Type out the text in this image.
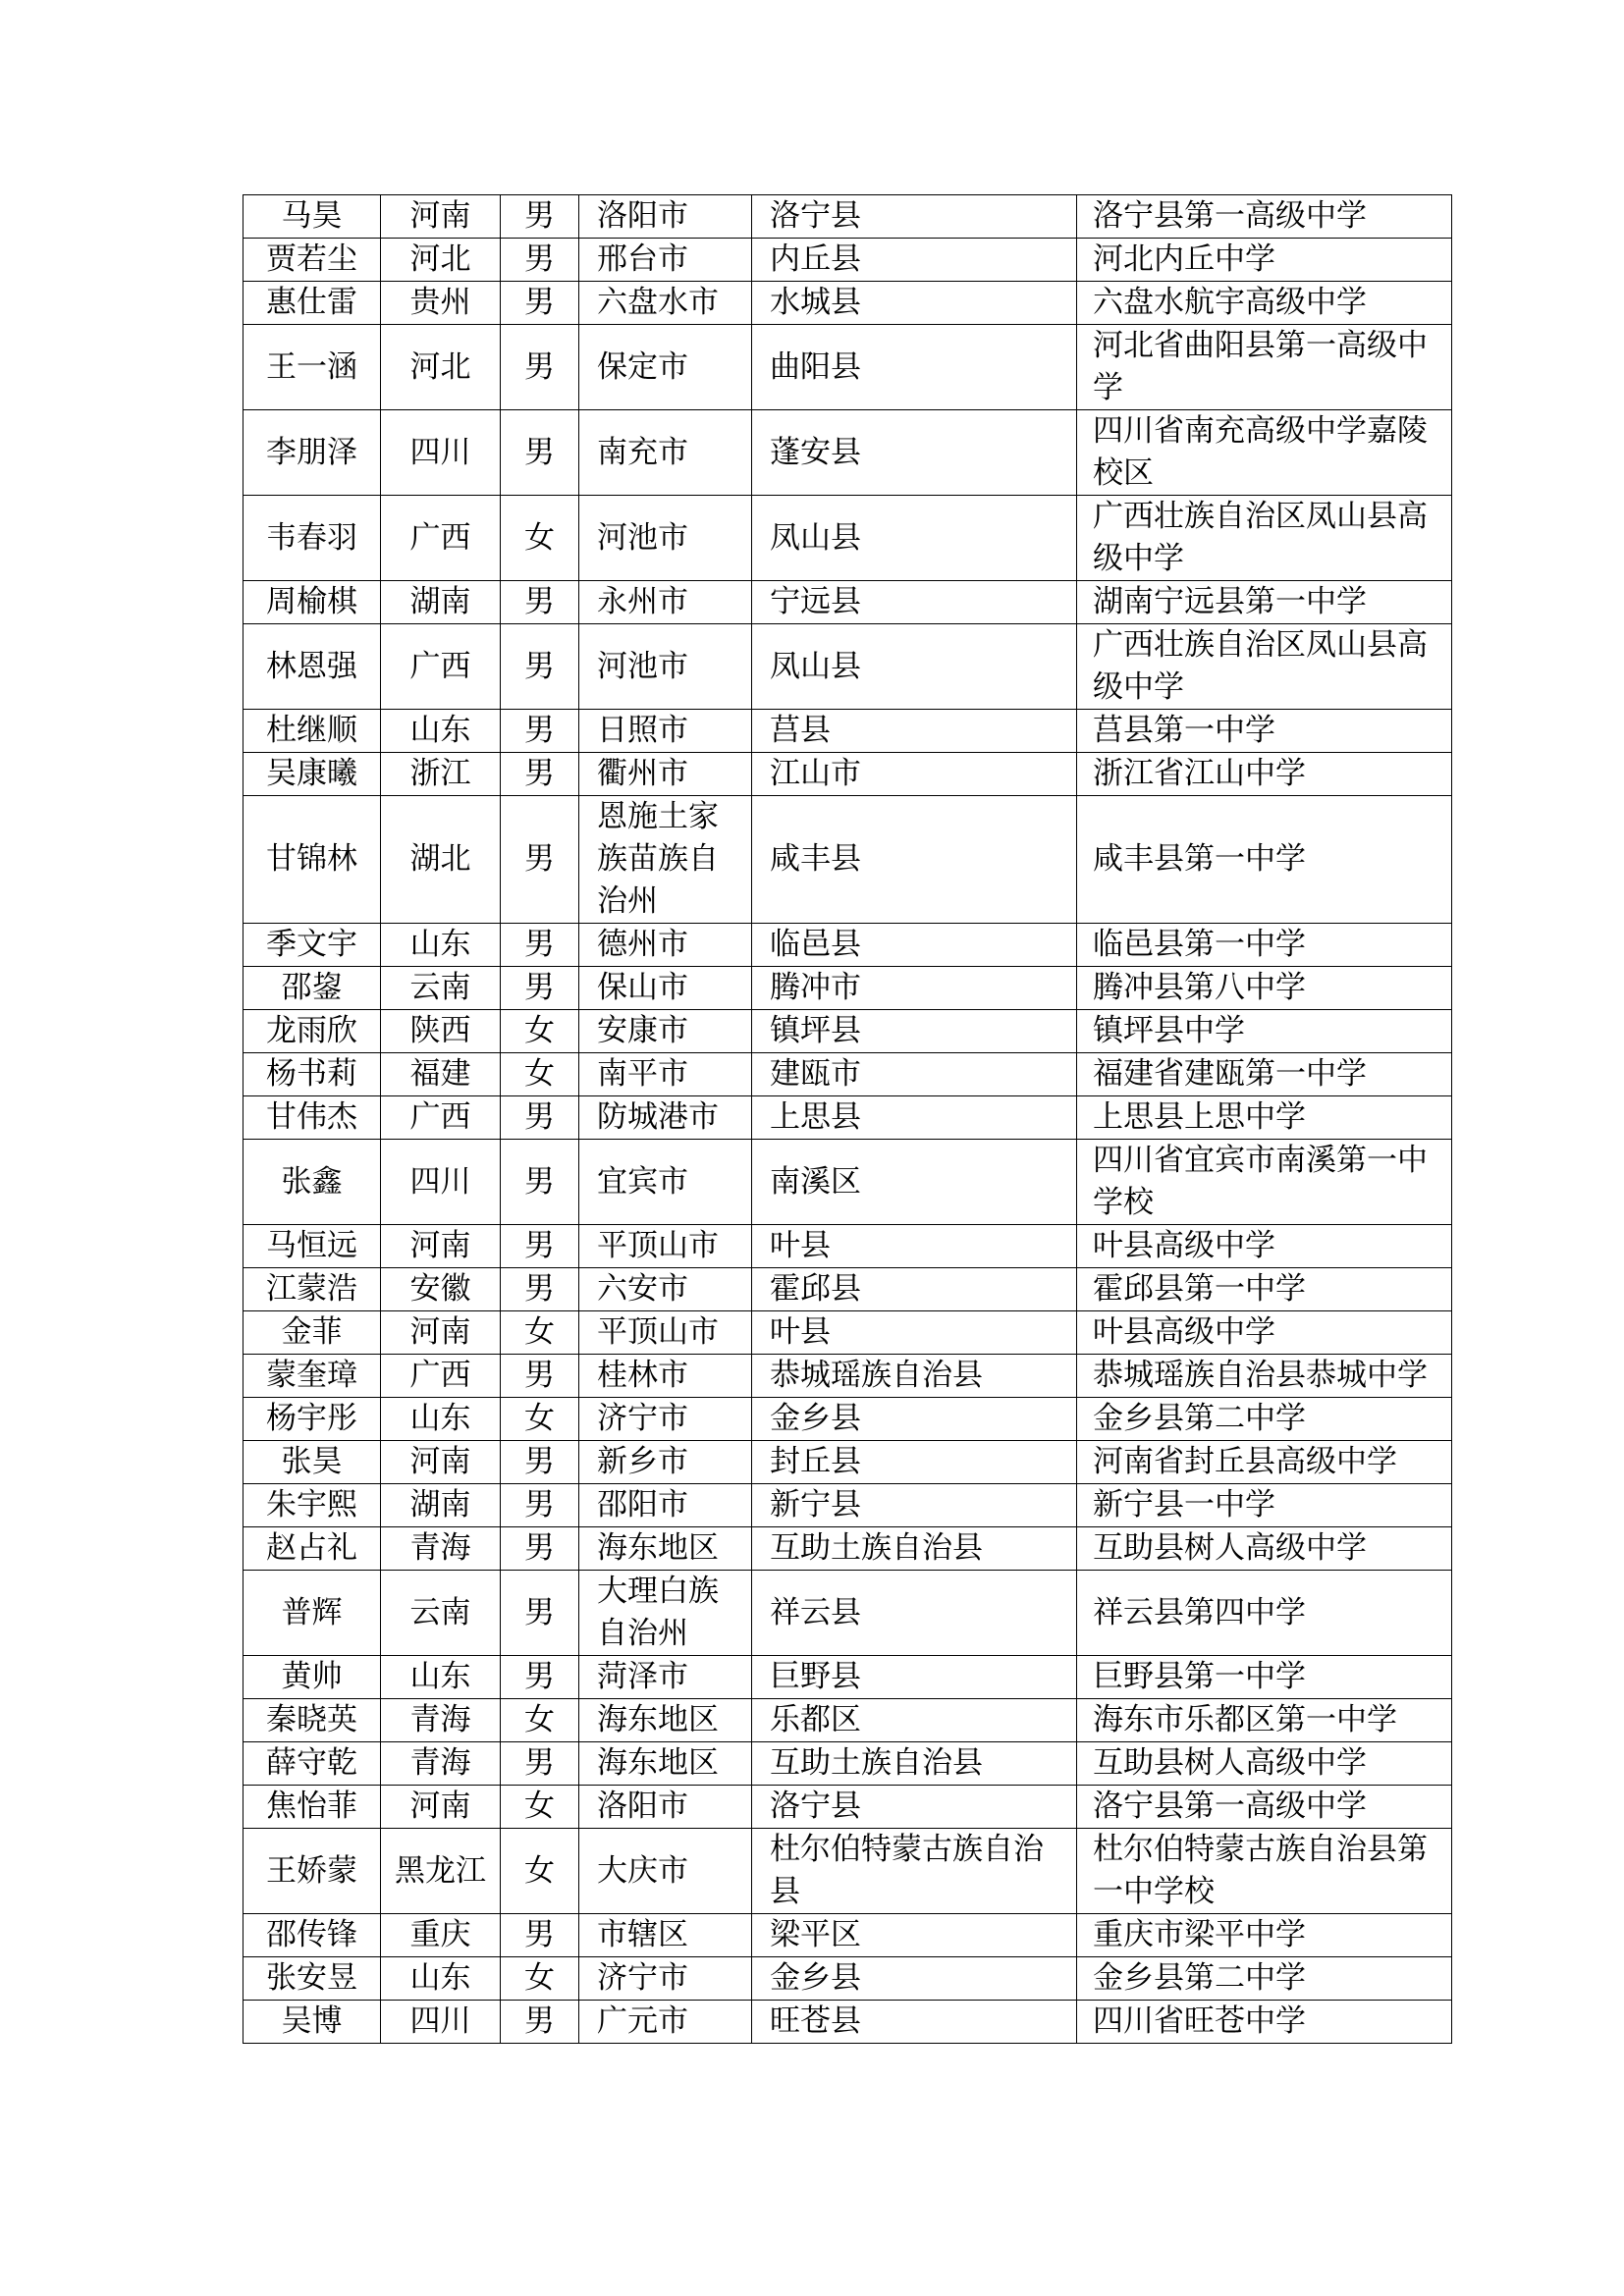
马昊	河南	男	洛阳市	洛宁县	洛宁县第一高级中学
贾若尘	河北	男	邢台市	内丘县	河北内丘中学
惠仕雷	贵州	男	六盘水市	水城县	六盘水航宇高级中学
王一涵	河北	男	保定市	曲阳县	河北省曲阳县第一高级中学
李朋泽	四川	男	南充市	蓬安县	四川省南充高级中学嘉陵校区
韦春羽	广西	女	河池市	凤山县	广西壮族自治区凤山县高级中学
周榆棋	湖南	男	永州市	宁远县	湖南宁远县第一中学
林恩强	广西	男	河池市	凤山县	广西壮族自治区凤山县高级中学
杜继顺	山东	男	日照市	莒县	莒县第一中学
吴康曦	浙江	男	衢州市	江山市	浙江省江山中学
甘锦林	湖北	男	恩施土家族苗族自治州	咸丰县	咸丰县第一中学
季文宇	山东	男	德州市	临邑县	临邑县第一中学
邵鋆	云南	男	保山市	腾冲市	腾冲县第八中学
龙雨欣	陕西	女	安康市	镇坪县	镇坪县中学
杨书莉	福建	女	南平市	建瓯市	福建省建瓯第一中学
甘伟杰	广西	男	防城港市	上思县	上思县上思中学
张鑫	四川	男	宜宾市	南溪区	四川省宜宾市南溪第一中学校
马恒远	河南	男	平顶山市	叶县	叶县高级中学
江蒙浩	安徽	男	六安市	霍邱县	霍邱县第一中学
金菲	河南	女	平顶山市	叶县	叶县高级中学
蒙奎璋	广西	男	桂林市	恭城瑶族自治县	恭城瑶族自治县恭城中学
杨宇彤	山东	女	济宁市	金乡县	金乡县第二中学
张昊	河南	男	新乡市	封丘县	河南省封丘县高级中学
朱宇熙	湖南	男	邵阳市	新宁县	新宁县一中学
赵占礼	青海	男	海东地区	互助土族自治县	互助县树人高级中学
普辉	云南	男	大理白族自治州	祥云县	祥云县第四中学
黄帅	山东	男	菏泽市	巨野县	巨野县第一中学
秦晓英	青海	女	海东地区	乐都区	海东市乐都区第一中学
薛守乾	青海	男	海东地区	互助土族自治县	互助县树人高级中学
焦怡菲	河南	女	洛阳市	洛宁县	洛宁县第一高级中学
王娇蒙	黑龙江	女	大庆市	杜尔伯特蒙古族自治县	杜尔伯特蒙古族自治县第一中学校
邵传锋	重庆	男	市辖区	梁平区	重庆市梁平中学
张安昱	山东	女	济宁市	金乡县	金乡县第二中学
吴博	四川	男	广元市	旺苍县	四川省旺苍中学
